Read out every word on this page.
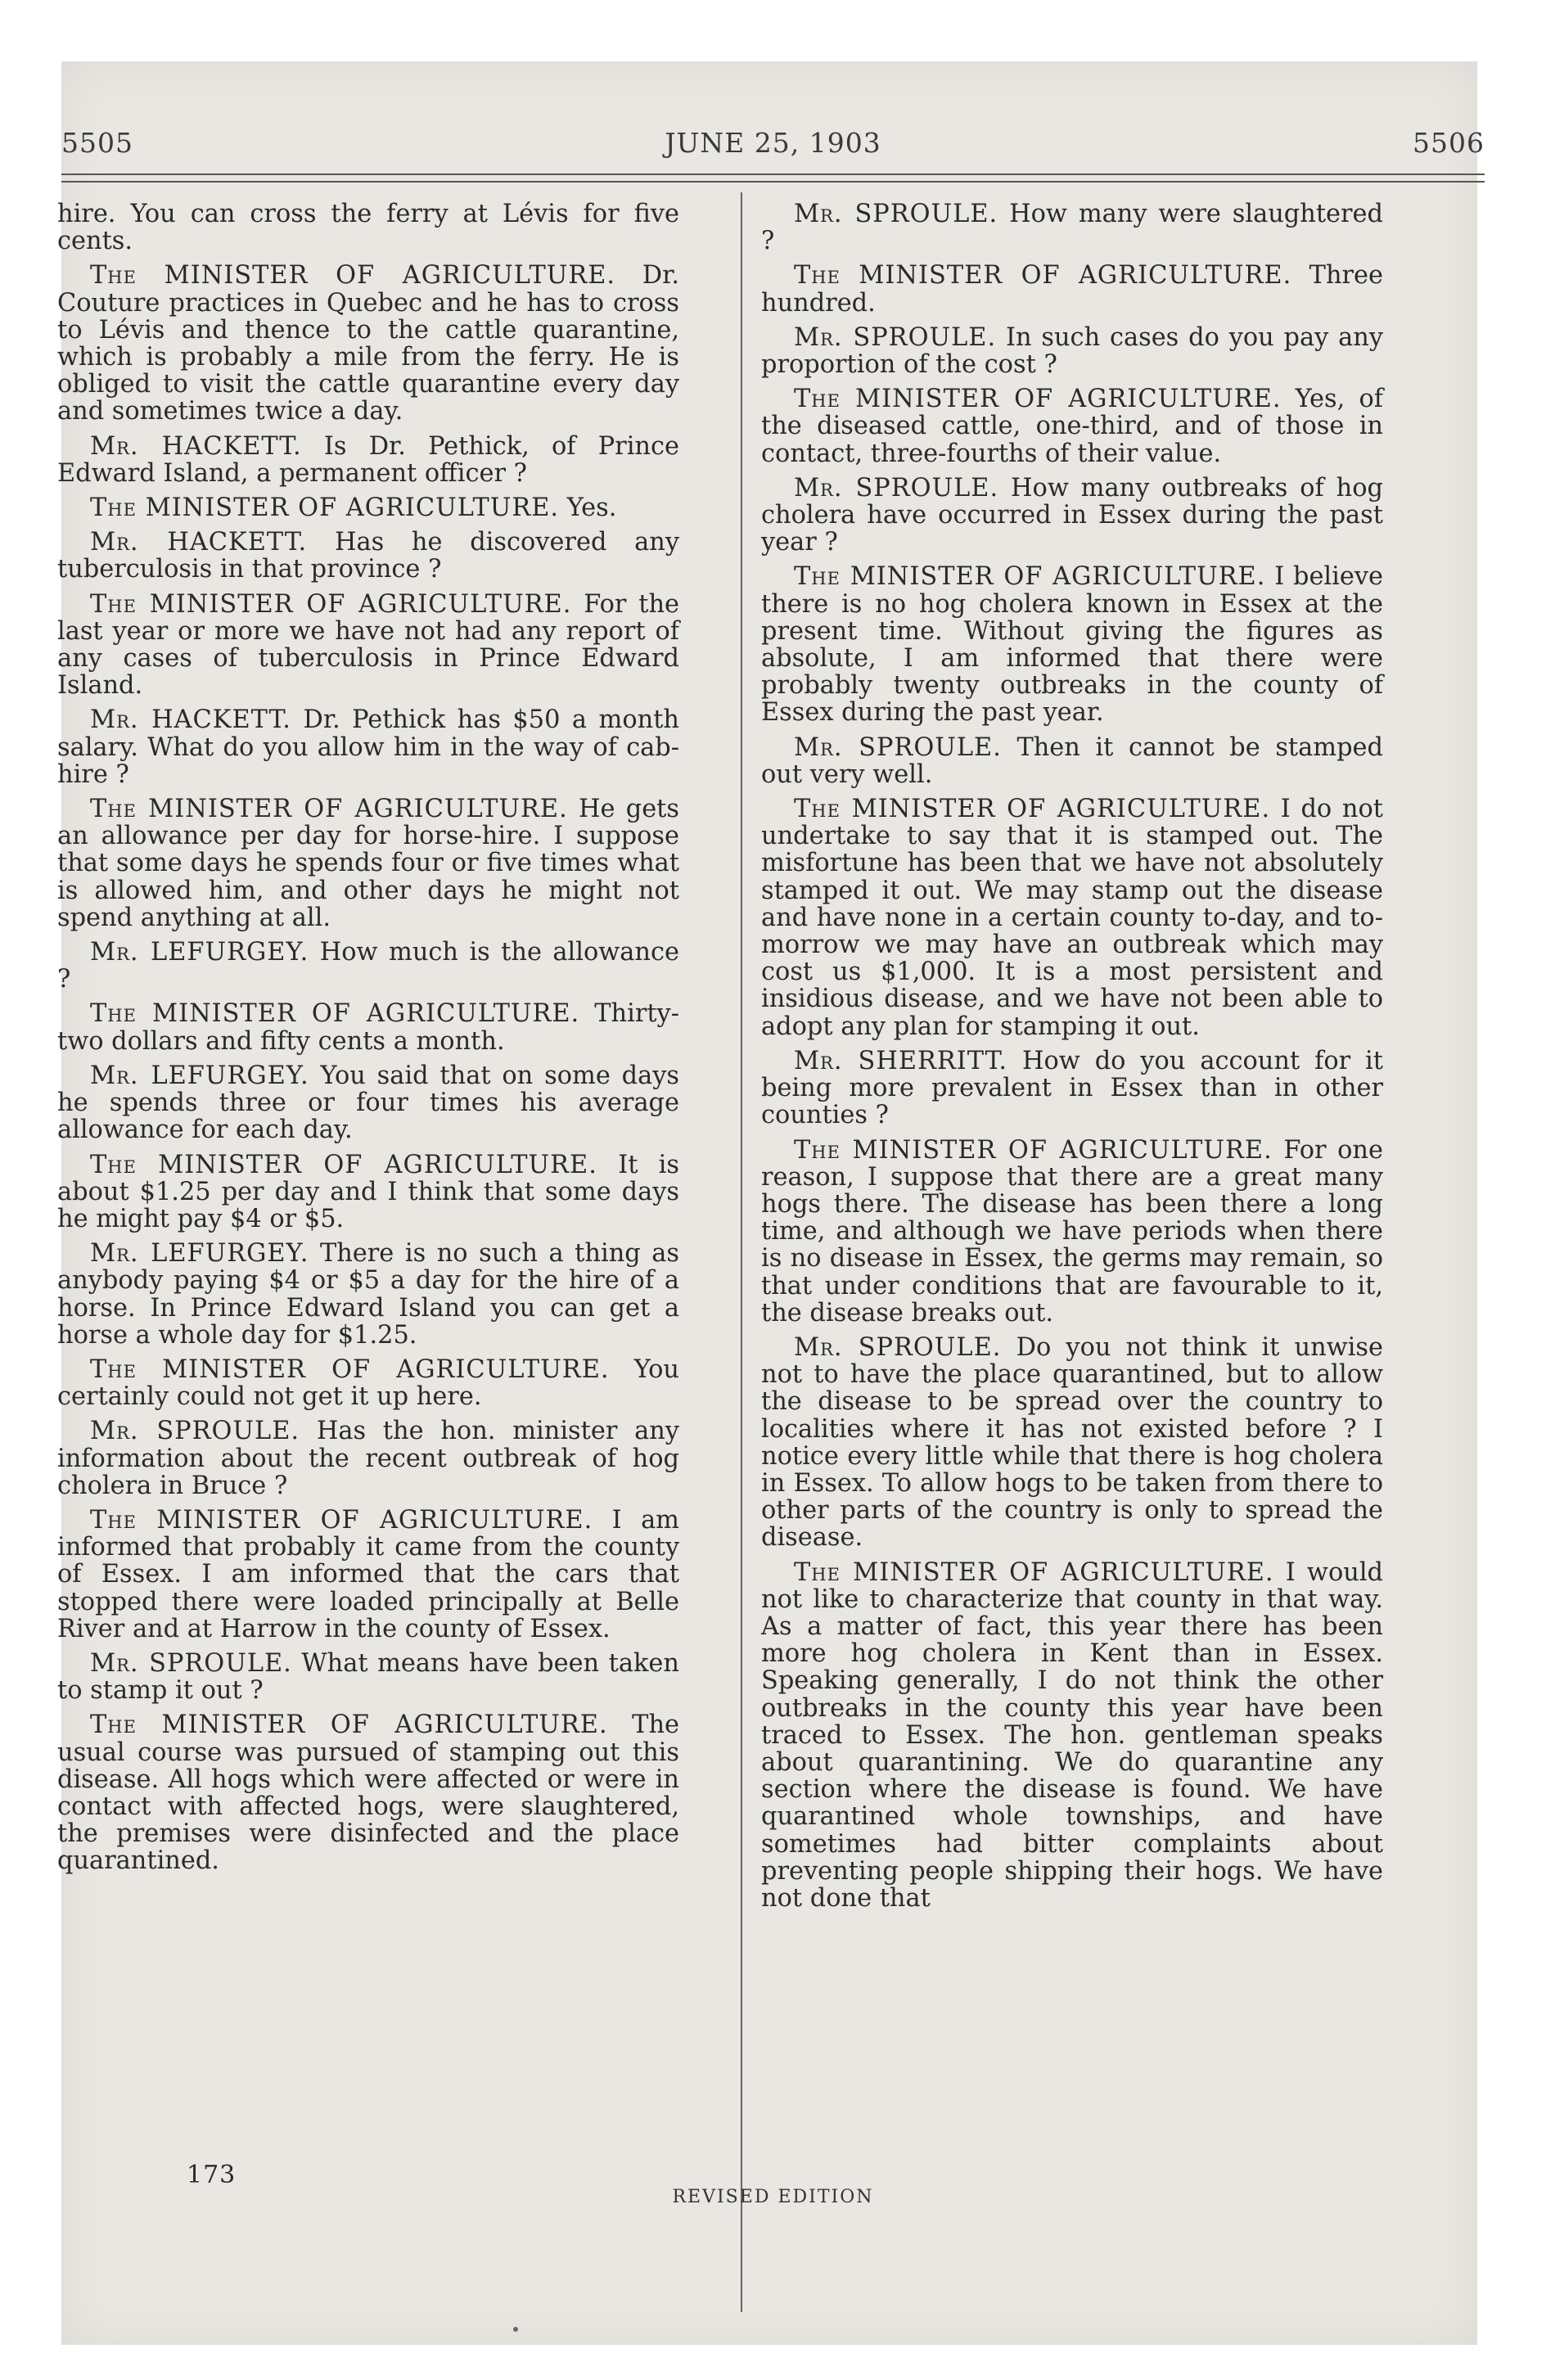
5505	JUNE 25, 1903	5506

hire. You can cross the ferry at Lévis for five cents.

The MINISTER OF AGRICULTURE. Dr. Couture practices in Quebec and he has to cross to Lévis and thence to the cattle quarantine, which is probably a mile from the ferry. He is obliged to visit the cattle quarantine every day and sometimes twice a day.

Mr. HACKETT. Is Dr. Pethick, of Prince Edward Island, a permanent officer ?

The MINISTER OF AGRICULTURE. Yes.

Mr. HACKETT. Has he discovered any tuberculosis in that province ?

The MINISTER OF AGRICULTURE. For the last year or more we have not had any report of any cases of tuberculosis in Prince Edward Island.

Mr. HACKETT. Dr. Pethick has $50 a month salary. What do you allow him in the way of cab-hire ?

The MINISTER OF AGRICULTURE. He gets an allowance per day for horse-hire. I suppose that some days he spends four or five times what is allowed him, and other days he might not spend anything at all.

Mr. LEFURGEY. How much is the allowance ?

The MINISTER OF AGRICULTURE. Thirty-two dollars and fifty cents a month.

Mr. LEFURGEY. You said that on some days he spends three or four times his average allowance for each day.

The MINISTER OF AGRICULTURE. It is about $1.25 per day and I think that some days he might pay $4 or $5.

Mr. LEFURGEY. There is no such a thing as anybody paying $4 or $5 a day for the hire of a horse. In Prince Edward Island you can get a horse a whole day for $1.25.

The MINISTER OF AGRICULTURE. You certainly could not get it up here.

Mr. SPROULE. Has the hon. minister any information about the recent outbreak of hog cholera in Bruce ?

The MINISTER OF AGRICULTURE. I am informed that probably it came from the county of Essex. I am informed that the cars that stopped there were loaded principally at Belle River and at Harrow in the county of Essex.

Mr. SPROULE. What means have been taken to stamp it out ?

The MINISTER OF AGRICULTURE. The usual course was pursued of stamping out this disease. All hogs which were affected or were in contact with affected hogs, were slaughtered, the premises were disinfected and the place quarantined.

Mr. SPROULE. How many were slaughtered ?

The MINISTER OF AGRICULTURE. Three hundred.

Mr. SPROULE. In such cases do you pay any proportion of the cost ?

The MINISTER OF AGRICULTURE. Yes, of the diseased cattle, one-third, and of those in contact, three-fourths of their value.

Mr. SPROULE. How many outbreaks of hog cholera have occurred in Essex during the past year ?

The MINISTER OF AGRICULTURE. I believe there is no hog cholera known in Essex at the present time. Without giving the figures as absolute, I am informed that there were probably twenty outbreaks in the county of Essex during the past year.

Mr. SPROULE. Then it cannot be stamped out very well.

The MINISTER OF AGRICULTURE. I do not undertake to say that it is stamped out. The misfortune has been that we have not absolutely stamped it out. We may stamp out the disease and have none in a certain county to-day, and to-morrow we may have an outbreak which may cost us $1,000. It is a most persistent and insidious disease, and we have not been able to adopt any plan for stamping it out.

Mr. SHERRITT. How do you account for it being more prevalent in Essex than in other counties ?

The MINISTER OF AGRICULTURE. For one reason, I suppose that there are a great many hogs there. The disease has been there a long time, and although we have periods when there is no disease in Essex, the germs may remain, so that under conditions that are favourable to it, the disease breaks out.

Mr. SPROULE. Do you not think it unwise not to have the place quarantined, but to allow the disease to be spread over the country to localities where it has not existed before ? I notice every little while that there is hog cholera in Essex. To allow hogs to be taken from there to other parts of the country is only to spread the disease.

The MINISTER OF AGRICULTURE. I would not like to characterize that county in that way. As a matter of fact, this year there has been more hog cholera in Kent than in Essex. Speaking generally, I do not think the other outbreaks in the county this year have been traced to Essex. The hon. gentleman speaks about quarantining. We do quarantine any section where the disease is found. We have quarantined whole townships, and have sometimes had bitter complaints about preventing people shipping their hogs. We have not done that

173
REVISED EDITION
